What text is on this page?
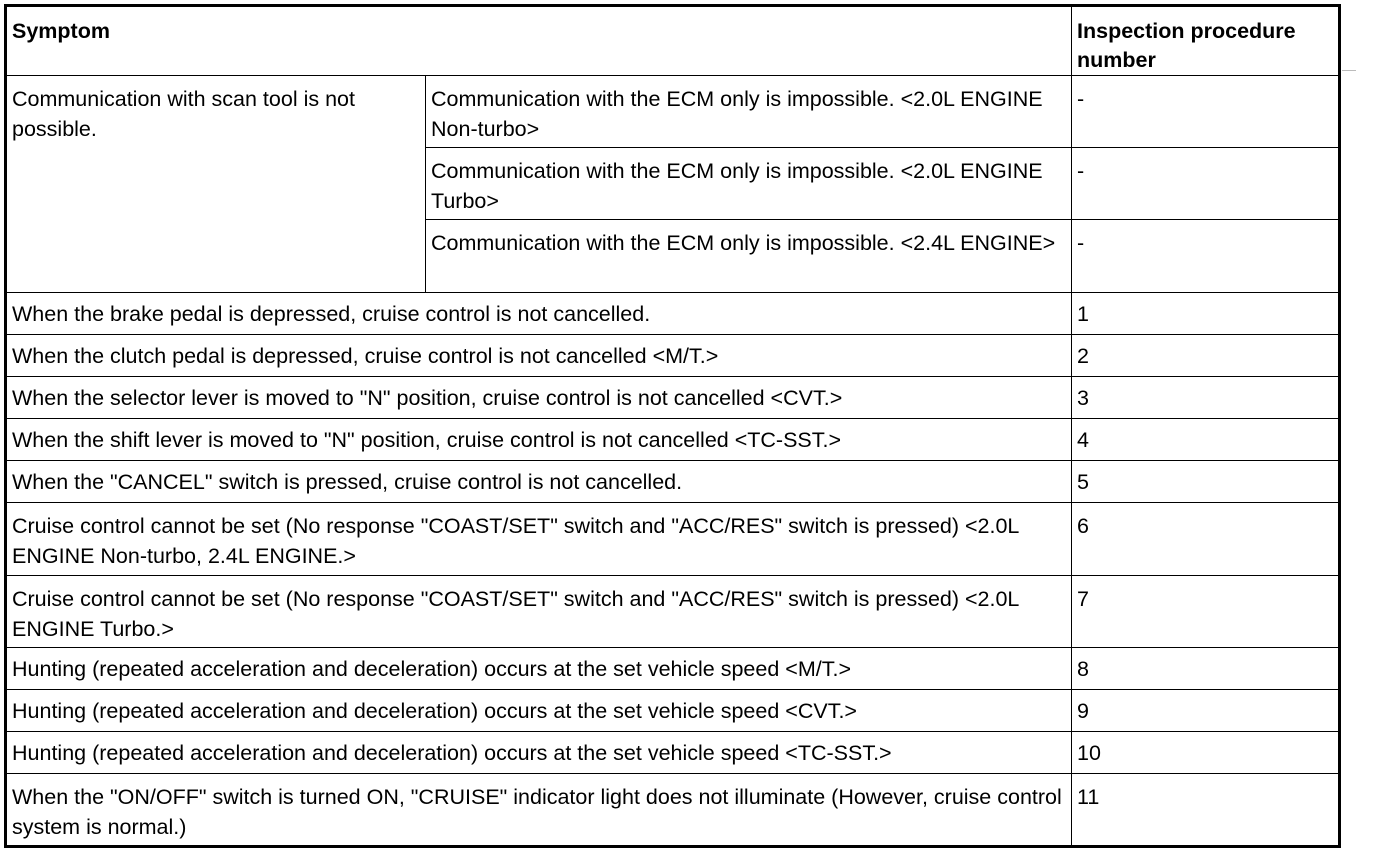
Symptom		Inspection procedure number
Communication with scan tool is not possible.	Communication with the ECM only is impossible. <2.0L ENGINE Non-turbo>	-
	Communication with the ECM only is impossible. <2.0L ENGINE Turbo>	-
	Communication with the ECM only is impossible. <2.4L ENGINE>	-
When the brake pedal is depressed, cruise control is not cancelled.		1
When the clutch pedal is depressed, cruise control is not cancelled <M/T.>		2
When the selector lever is moved to "N" position, cruise control is not cancelled <CVT.>		3
When the shift lever is moved to "N" position, cruise control is not cancelled <TC-SST.>		4
When the "CANCEL" switch is pressed, cruise control is not cancelled.		5
Cruise control cannot be set (No response "COAST/SET" switch and "ACC/RES" switch is pressed) <2.0L ENGINE Non-turbo, 2.4L ENGINE.>		6
Cruise control cannot be set (No response "COAST/SET" switch and "ACC/RES" switch is pressed) <2.0L ENGINE Turbo.>		7
Hunting (repeated acceleration and deceleration) occurs at the set vehicle speed <M/T.>		8
Hunting (repeated acceleration and deceleration) occurs at the set vehicle speed <CVT.>		9
Hunting (repeated acceleration and deceleration) occurs at the set vehicle speed <TC-SST.>		10
When the "ON/OFF" switch is turned ON, "CRUISE" indicator light does not illuminate (However, cruise control system is normal.)		11
